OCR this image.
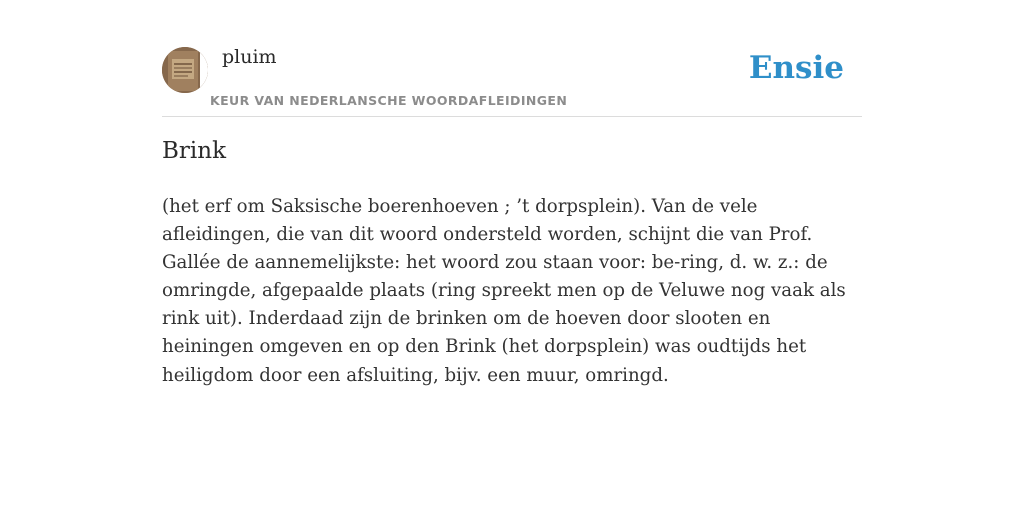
pluim
KEUR VAN NEDERLANSCHE WOORDAFLEIDINGEN
Ensie
Brink

(het erf om Saksische boerenhoeven ; ’t dorpsplein). Van de vele afleidingen, die van dit woord ondersteld worden, schijnt die van Prof. Gallée de aannemelijkste: het woord zou staan voor: be-ring, d. w. z.: de omringde, afgepaalde plaats (ring spreekt men op de Veluwe nog vaak als rink uit). Inderdaad zijn de brinken om de hoeven door slooten en heiningen omgeven en op den Brink (het dorpsplein) was oudtijds het heiligdom door een afsluiting, bijv. een muur, omringd.
